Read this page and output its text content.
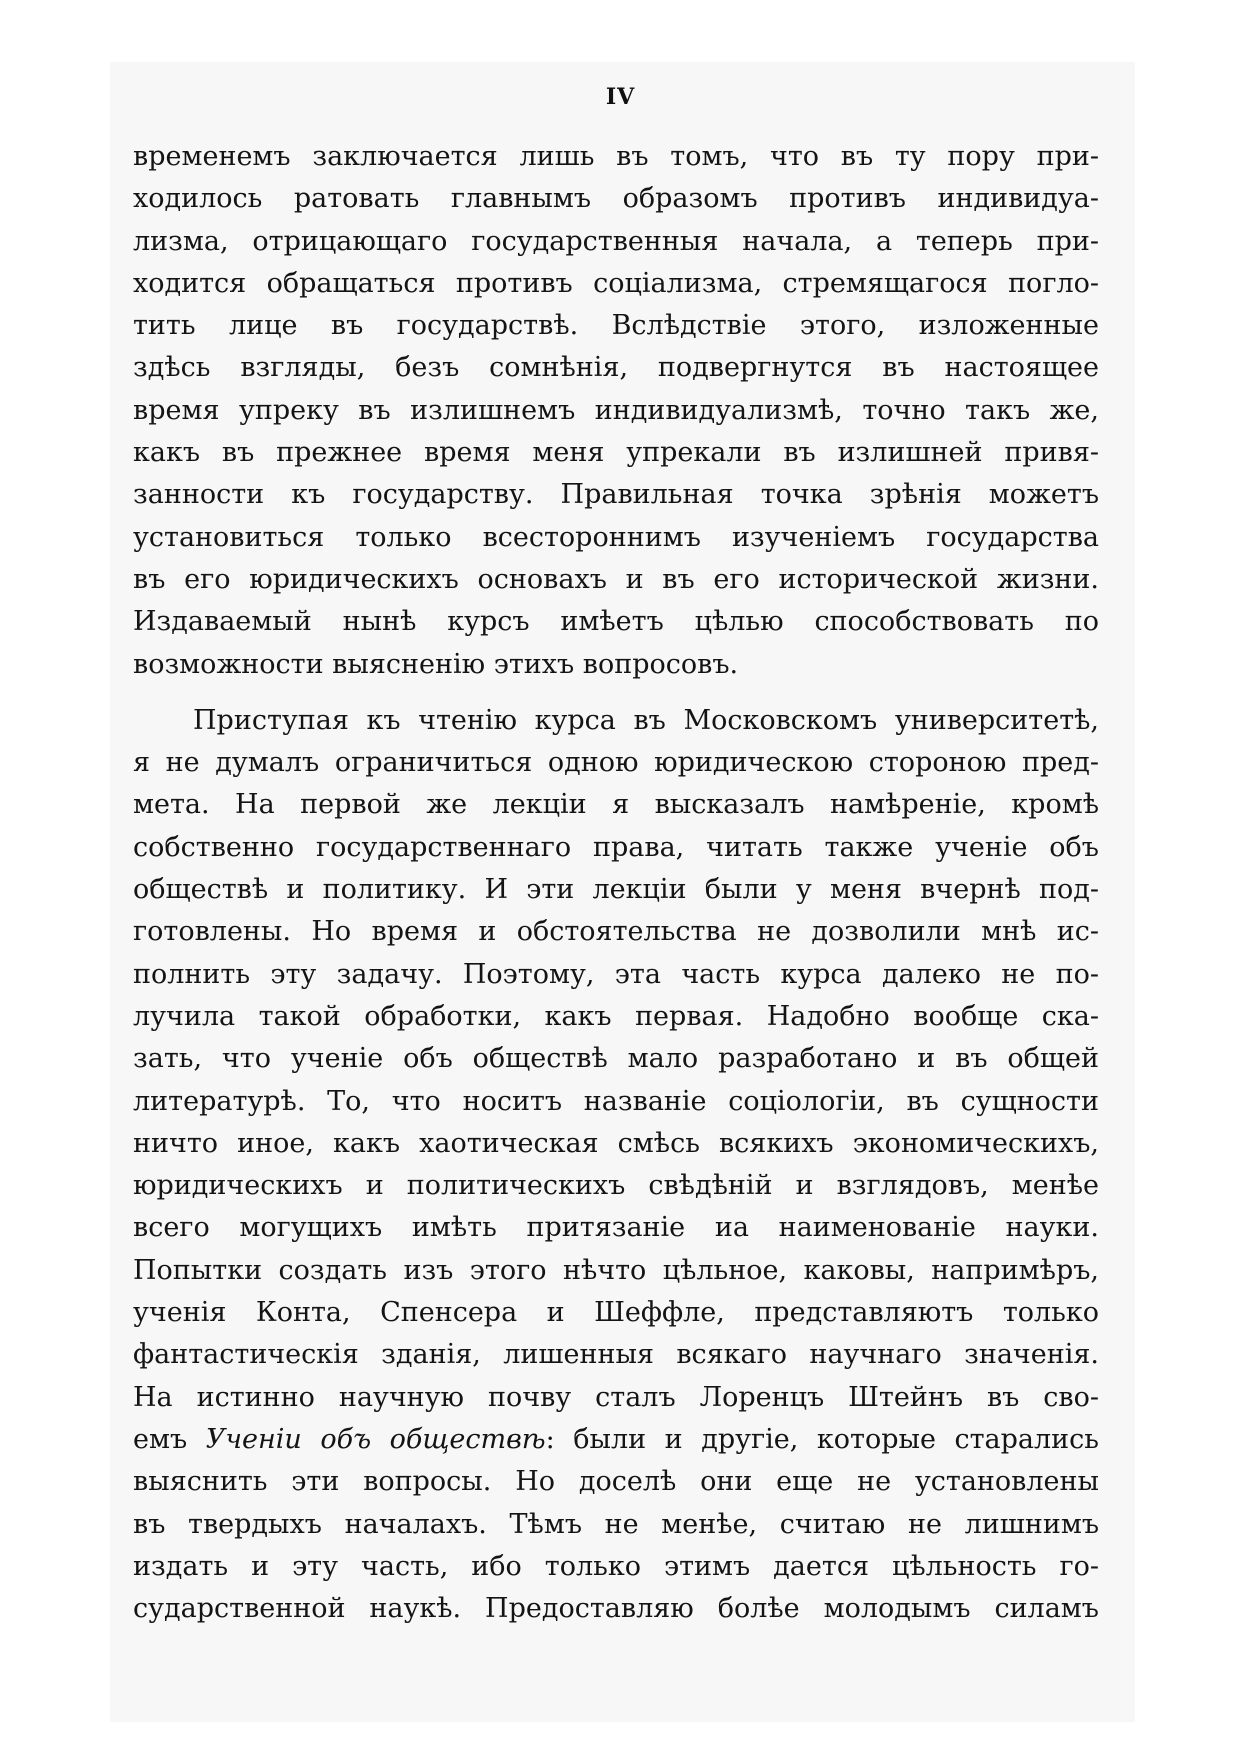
IV
временемъ заключается лишь въ томъ, что въ ту пору при-
ходилось ратовать главнымъ образомъ противъ индивидуа-
лизма, отрицающаго государственныя начала, а теперь при-
ходится обращаться противъ соціализма, стремящагося погло-
тить лице въ государствѣ. Вслѣдствіе этого, изложенные
здѣсь взгляды, безъ сомнѣнія, подвергнутся въ настоящее
время упреку въ излишнемъ индивидуализмѣ, точно такъ же,
какъ въ прежнее время меня упрекали въ излишней привя-
занности къ государству. Правильная точка зрѣнія можетъ
установиться только всестороннимъ изученіемъ государства
въ его юридическихъ основахъ и въ его исторической жизни.
Издаваемый нынѣ курсъ имѣетъ цѣлью способствовать по
возможности выясненію этихъ вопросовъ.
Приступая къ чтенію курса въ Московскомъ университетѣ,
я не думалъ ограничиться одною юридическою стороною пред-
мета. На первой же лекціи я высказалъ намѣреніе, кромѣ
собственно государственнаго права, читать также ученіе объ
обществѣ и политику. И эти лекціи были у меня вчернѣ под-
готовлены. Но время и обстоятельства не дозволили мнѣ ис-
полнить эту задачу. Поэтому, эта часть курса далеко не по-
лучила такой обработки, какъ первая. Надобно вообще ска-
зать, что ученіе объ обществѣ мало разработано и въ общей
литературѣ. То, что носитъ названіе соціологіи, въ сущности
ничто иное, какъ хаотическая смѣсь всякихъ экономическихъ,
юридическихъ и политическихъ свѣдѣній и взглядовъ, менѣе
всего могущихъ имѣть притязаніе иа наименованіе науки.
Попытки создать изъ этого нѣчто цѣльное, каковы, напримѣръ,
ученія Конта, Спенсера и Шеффле, представляютъ только
фантастическія зданія, лишенныя всякаго научнаго значенія.
На истинно научную почву сталъ Лоренцъ Штейнъ въ сво-
емъ Ученіи объ обществѣ: были и другіе, которые старались
выяснить эти вопросы. Но доселѣ они еще не установлены
въ твердыхъ началахъ. Тѣмъ не менѣе, считаю не лишнимъ
издать и эту часть, ибо только этимъ дается цѣльность го-
сударственной наукѣ. Предоставляю болѣе молодымъ силамъ
